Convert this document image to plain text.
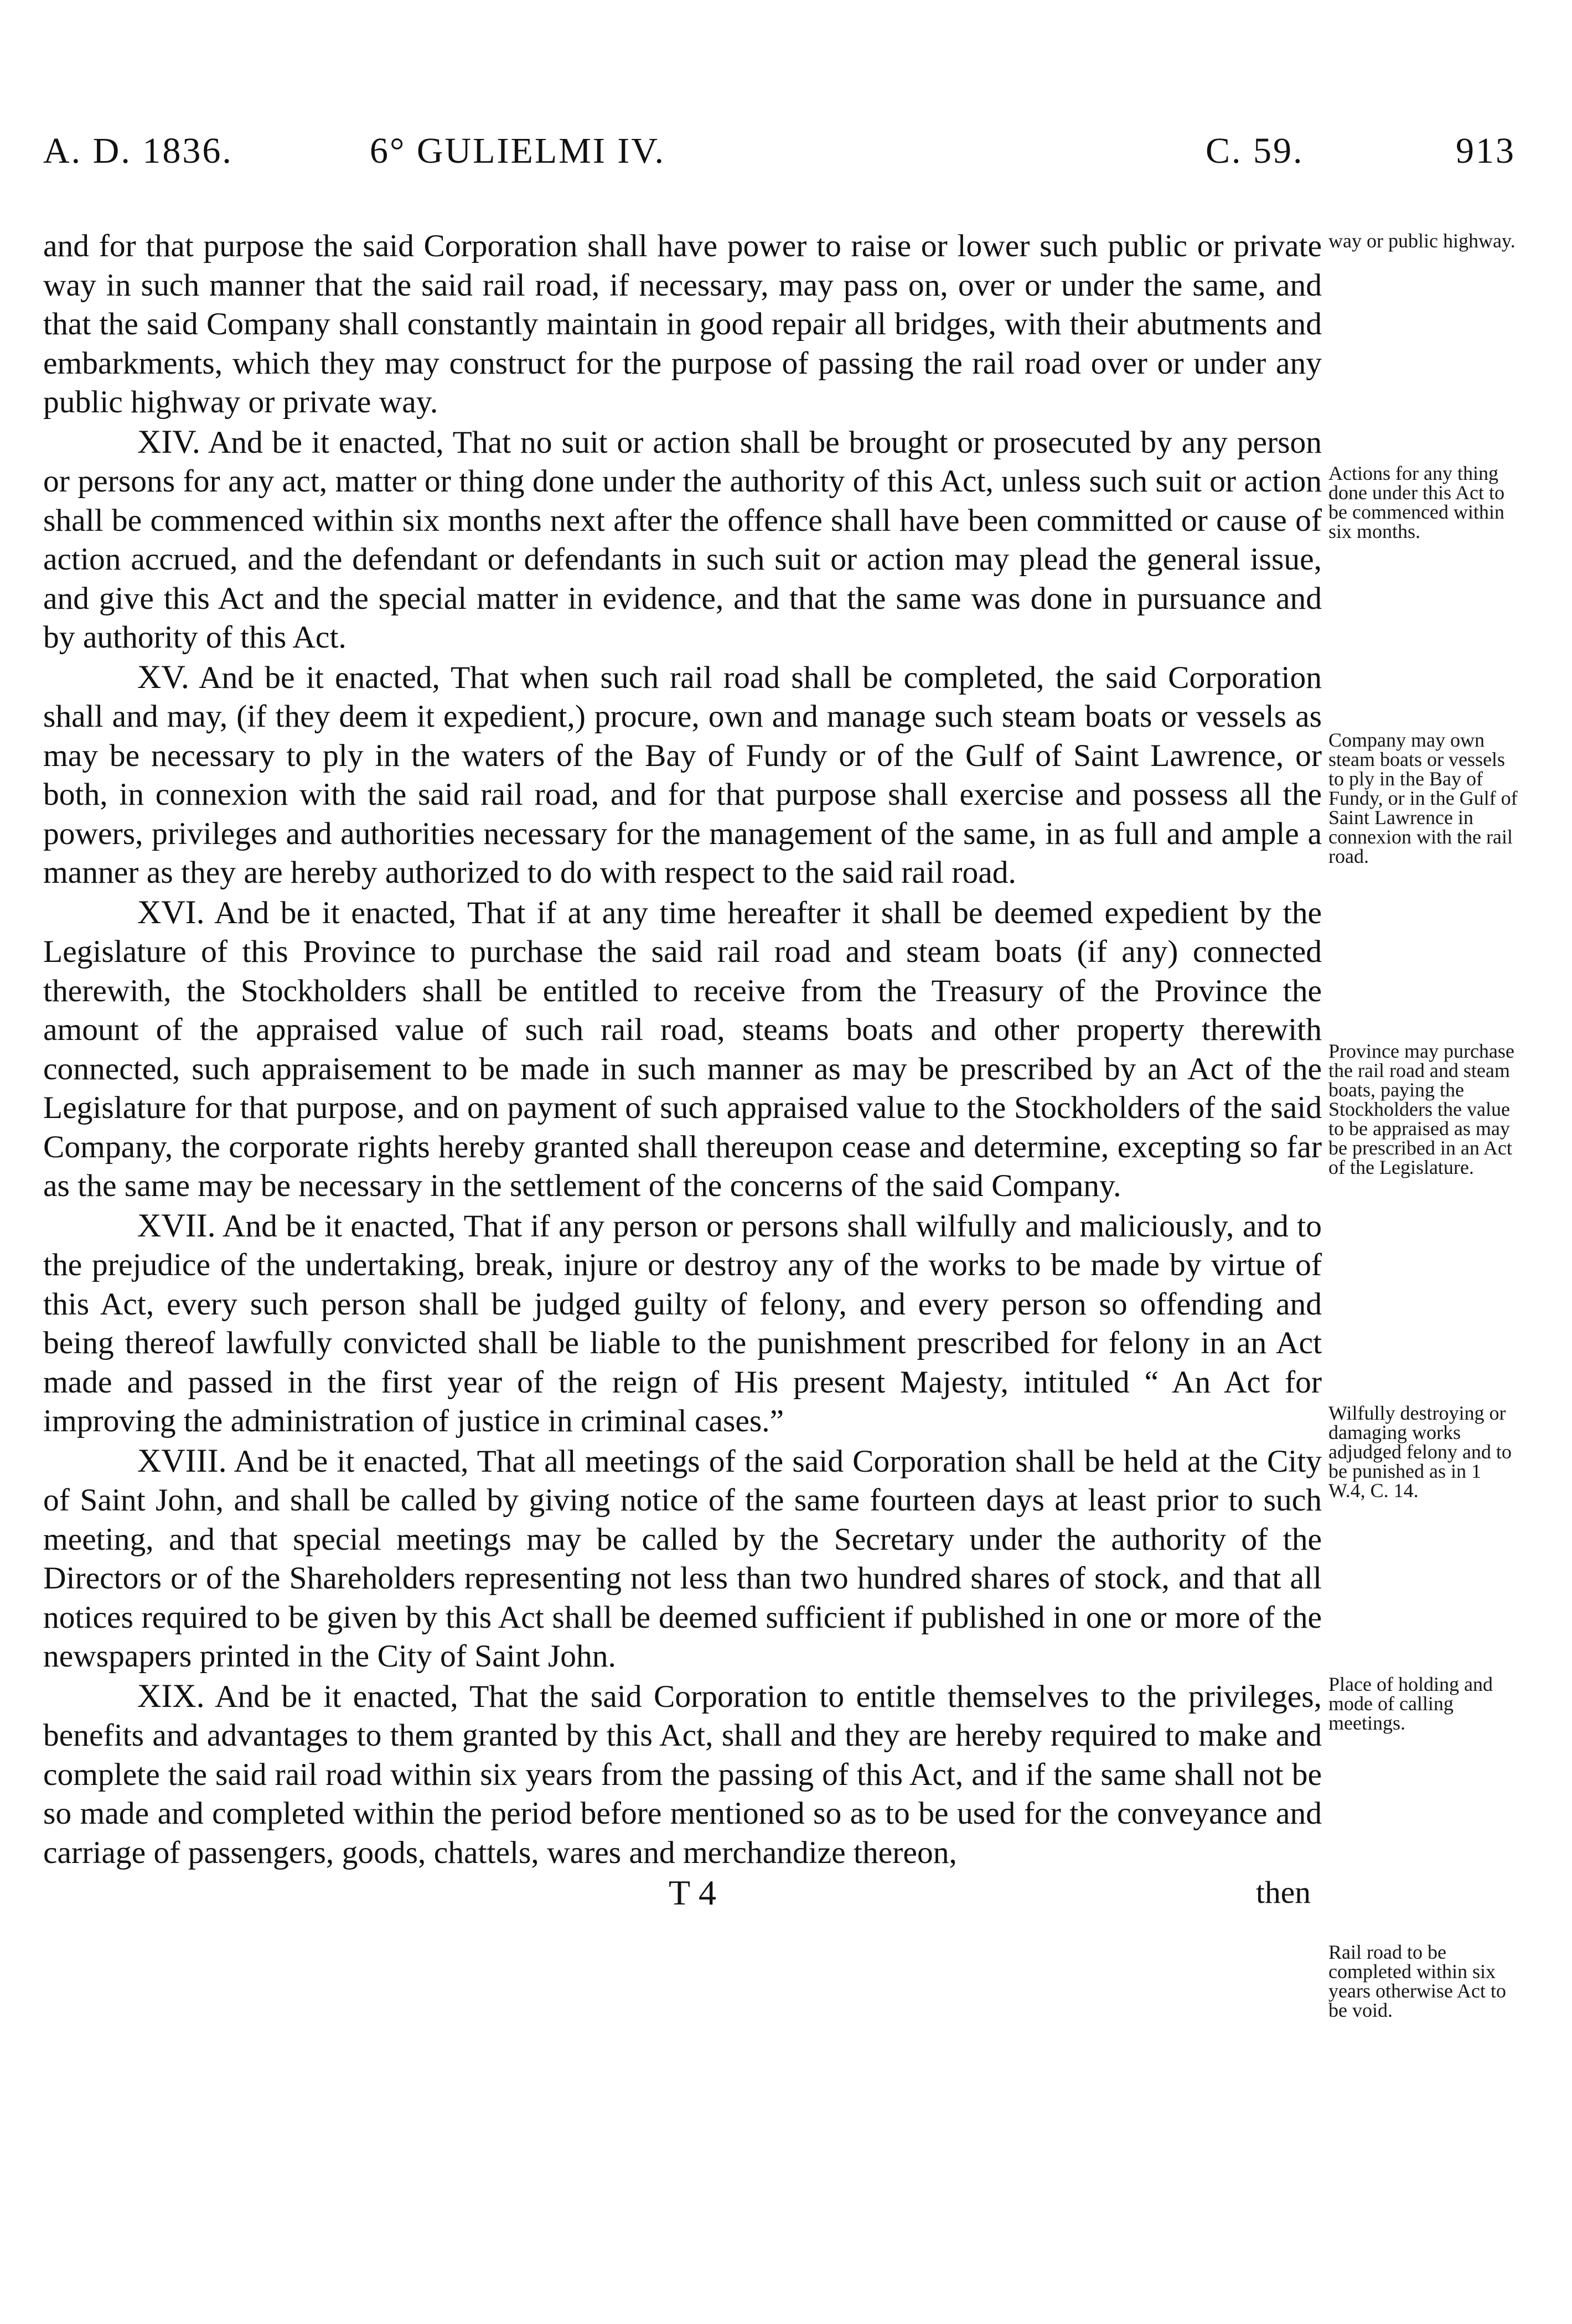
A. D. 1836.	6° GULIELMI IV.	C. 59.	913

and for that purpose the said Corporation shall have power to raise or lower such public or private way in such manner that the said rail road, if necessary, may pass on, over or under the same, and that the said Company shall constantly maintain in good repair all bridges, with their abutments and embarkments, which they may construct for the purpose of passing the rail road over or under any public highway or private way.

XIV. And be it enacted, That no suit or action shall be brought or prosecuted by any person or persons for any act, matter or thing done under the authority of this Act, unless such suit or action shall be commenced within six months next after the offence shall have been committed or cause of action accrued, and the defendant or defendants in such suit or action may plead the general issue, and give this Act and the special matter in evidence, and that the same was done in pursuance and by authority of this Act.

XV. And be it enacted, That when such rail road shall be completed, the said Corporation shall and may, (if they deem it expedient,) procure, own and manage such steam boats or vessels as may be necessary to ply in the waters of the Bay of Fundy or of the Gulf of Saint Lawrence, or both, in connexion with the said rail road, and for that purpose shall exercise and possess all the powers, privileges and authorities necessary for the management of the same, in as full and ample a manner as they are hereby authorized to do with respect to the said rail road.

XVI. And be it enacted, That if at any time hereafter it shall be deemed expedient by the Legislature of this Province to purchase the said rail road and steam boats (if any) connected therewith, the Stockholders shall be entitled to receive from the Treasury of the Province the amount of the appraised value of such rail road, steams boats and other property therewith connected, such appraisement to be made in such manner as may be prescribed by an Act of the Legislature for that purpose, and on payment of such appraised value to the Stockholders of the said Company, the corporate rights hereby granted shall thereupon cease and determine, excepting so far as the same may be necessary in the settlement of the concerns of the said Company.

XVII. And be it enacted, That if any person or persons shall wilfully and maliciously, and to the prejudice of the undertaking, break, injure or destroy any of the works to be made by virtue of this Act, every such person shall be judged guilty of felony, and every person so offending and being thereof lawfully convicted shall be liable to the punishment prescribed for felony in an Act made and passed in the first year of the reign of His present Majesty, intituled “ An Act for improving the administration of justice in criminal cases.”

XVIII. And be it enacted, That all meetings of the said Corporation shall be held at the City of Saint John, and shall be called by giving notice of the same fourteen days at least prior to such meeting, and that special meetings may be called by the Secretary under the authority of the Directors or of the Shareholders representing not less than two hundred shares of stock, and that all notices required to be given by this Act shall be deemed sufficient if published in one or more of the newspapers printed in the City of Saint John.

XIX. And be it enacted, That the said Corporation to entitle themselves to the privileges, benefits and advantages to them granted by this Act, shall and they are hereby required to make and complete the said rail road within six years from the passing of this Act, and if the same shall not be so made and completed within the period before mentioned so as to be used for the conveyance and carriage of passengers, goods, chattels, wares and merchandize thereon,

T 4	then
way or public highway.
Actions for any thing done under this Act to be commenced within six months.
Company may own steam boats or vessels to ply in the Bay of Fundy, or in the Gulf of Saint Lawrence in connexion with the rail road.
Province may purchase the rail road and steam boats, paying the Stockholders the value to be appraised as may be prescribed in an Act of the Legislature.
Wilfully destroying or damaging works adjudged felony and to be punished as in 1 W.4, C. 14.
Place of holding and mode of calling meetings.
Rail road to be completed within six years otherwise Act to be void.
